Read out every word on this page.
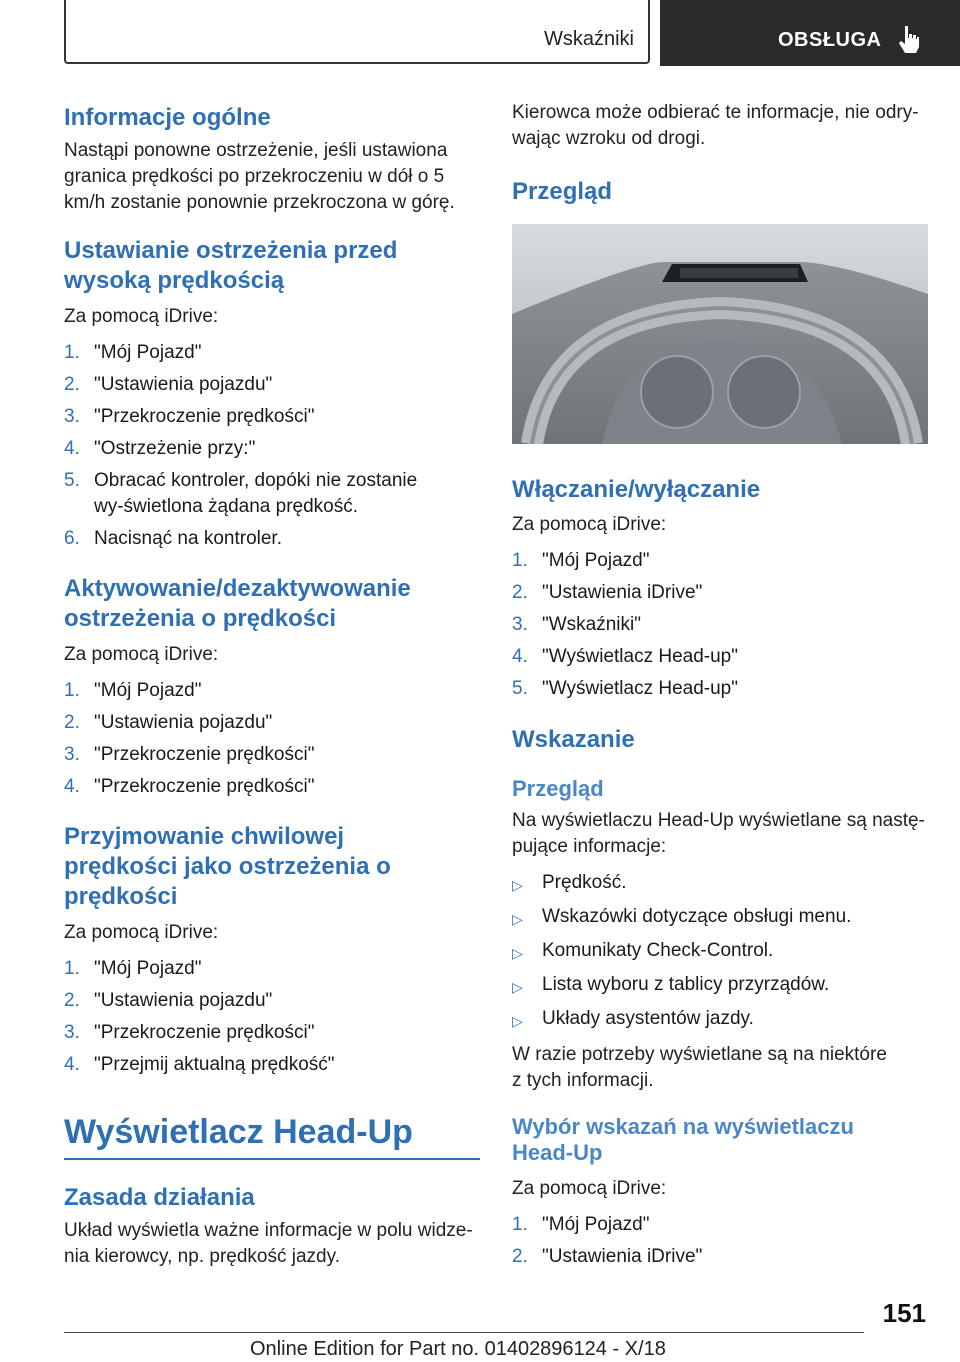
Wskaźniki	OBSŁUGA
Informacje ogólne

Nastąpi ponowne ostrzeżenie, jeśli ustawiona granica prędkości po przekroczeniu w dół o 5 km/h zostanie ponownie przekroczona w górę.

Ustawianie ostrzeżenia przed wysoką prędkością

Za pomocą iDrive:

1. "Mój Pojazd"
2. "Ustawienia pojazdu"
3. "Przekroczenie prędkości"
4. "Ostrzeżenie przy:"
5. Obracać kontroler, dopóki nie zostanie wy-świetlona żądana prędkość.
6. Nacisnąć na kontroler.
Aktywowanie/dezaktywowanie ostrzeżenia o prędkości

Za pomocą iDrive:

1. "Mój Pojazd"
2. "Ustawienia pojazdu"
3. "Przekroczenie prędkości"
4. "Przekroczenie prędkości"
Przyjmowanie chwilowej prędkości jako ostrzeżenia o prędkości

Za pomocą iDrive:

1. "Mój Pojazd"
2. "Ustawienia pojazdu"
3. "Przekroczenie prędkości"
4. "Przejmij aktualną prędkość"
Wyświetlacz Head-Up
Zasada działania

Układ wyświetla ważne informacje w polu widze-nia kierowcy, np. prędkość jazdy.

Kierowca może odbierać te informacje, nie odry-wając wzroku od drogi.

Przegląd
Włączanie/wyłączanie

Za pomocą iDrive:

1. "Mój Pojazd"
2. "Ustawienia iDrive"
3. "Wskaźniki"
4. "Wyświetlacz Head-up"
5. "Wyświetlacz Head-up"
Wskazanie
Przegląd

Na wyświetlaczu Head-Up wyświetlane są nastę-pujące informacje:

▷	Prędkość.
▷	Wskazówki dotyczące obsługi menu.
▷	Komunikaty Check-Control.
▷	Lista wyboru z tablicy przyrządów.
▷	Układy asystentów jazdy.

W razie potrzeby wyświetlane są na niektóre z tych informacji.

Wybór wskazań na wyświetlaczu Head-Up

Za pomocą iDrive:

1. "Mój Pojazd"
2. "Ustawienia iDrive"
151
Online Edition for Part no. 01402896124 - X/18
